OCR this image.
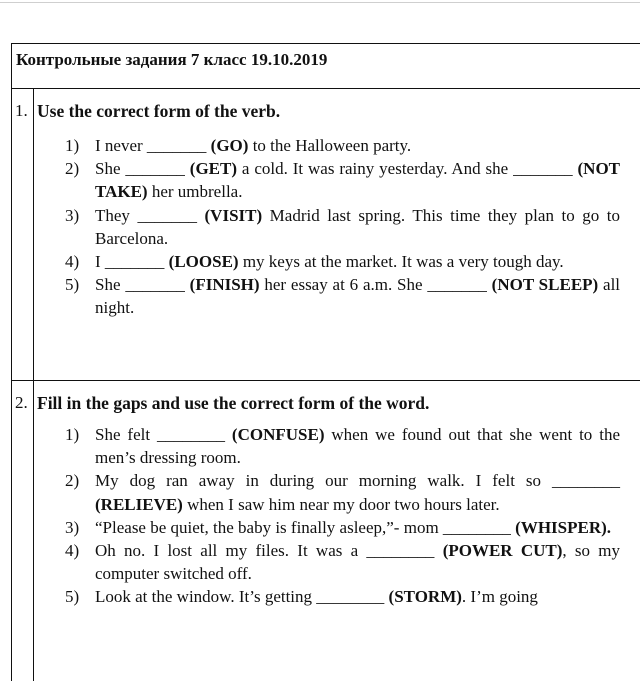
Контрольные задания 7 класс 19.10.2019
1. Use the correct form of the verb.
1) I never _______ (GO) to the Halloween party.
2) She _______ (GET) a cold. It was rainy yesterday. And she _______ (NOT TAKE) her umbrella.
3) They _______ (VISIT) Madrid last spring. This time they plan to go to Barcelona.
4) I _______ (LOOSE) my keys at the market. It was a very tough day.
5) She _______ (FINISH) her essay at 6 a.m. She _______ (NOT SLEEP) all night.
2. Fill in the gaps and use the correct form of the word.
1) She felt ________ (CONFUSE) when we found out that she went to the men’s dressing room.
2) My dog ran away in during our morning walk. I felt so ________ (RELIEVE) when I saw him near my door two hours later.
3) “Please be quiet, the baby is finally asleep,”- mom ________ (WHISPER).
4) Oh no. I lost all my files. It was a ________ (POWER CUT), so my computer switched off.
5) Look at the window. It’s getting ________ (STORM). I’m going
